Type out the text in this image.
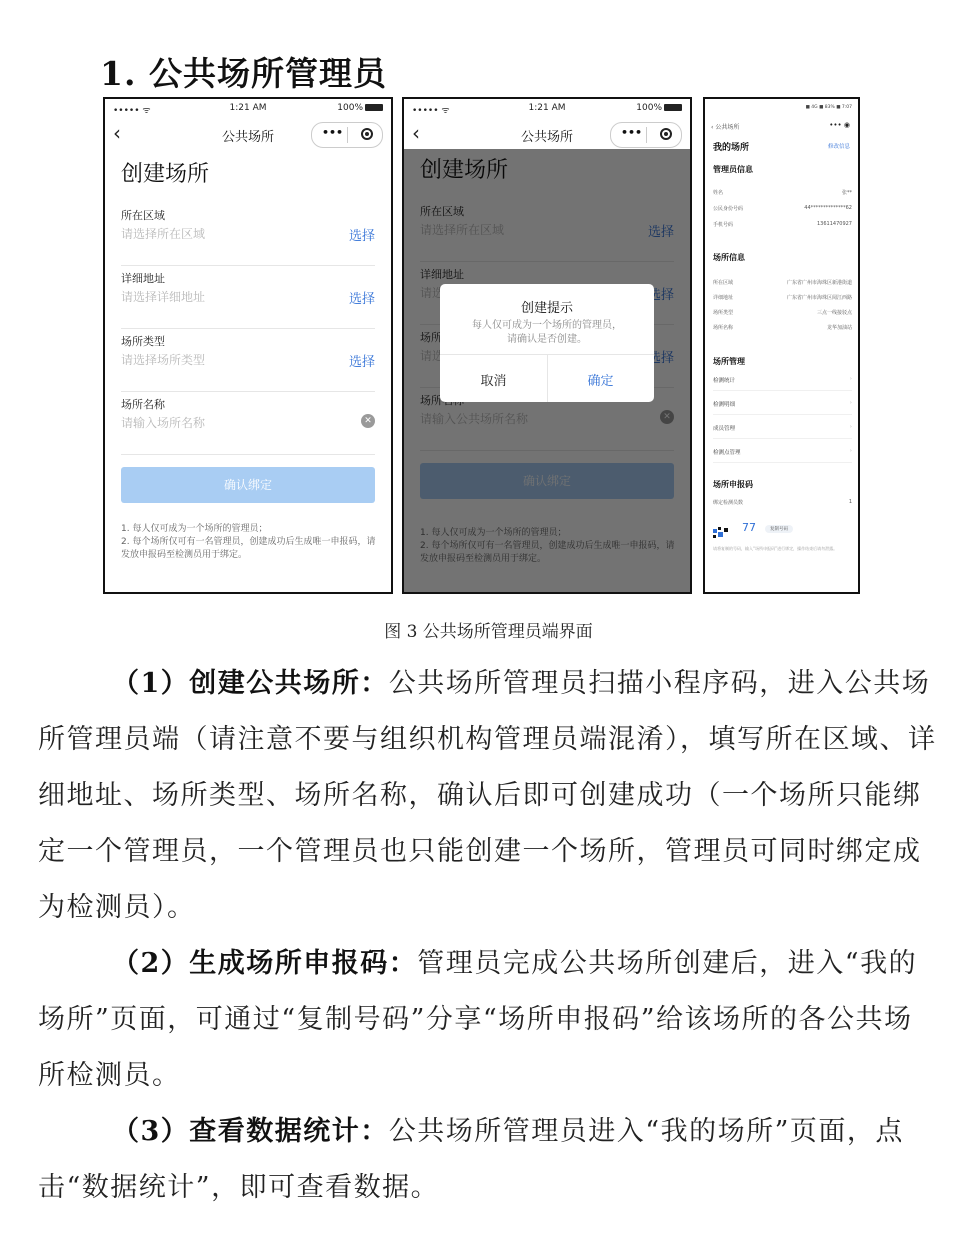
1. 公共场所管理员
••••• ᯤ	1:21 AM	100%
‹	公共场所	•••
创建场所
所在区域
请选择所在区域	选择
详细地址
请选择详细地址	选择
场所类型
请选择场所类型	选择
场所名称
请输入场所名称	✕
确认绑定
1. 每人仅可成为一个场所的管理员；
2. 每个场所仅可有一名管理员，创建成功后生成唯一申报码，请发放申报码至检测员用于绑定。
••••• ᯤ	1:21 AM	100%
‹	公共场所	•••
创建提示
每人仅可成为一个场所的管理员，请确认是否创建。
取消	确定
■ 4G ■ 83% ■ 7:07
‹ 公共场所	••• ◉
我的场所	修改信息
管理员信息
姓名	张**
公民身份号码	44**************62
手机号码	13611470927
场所信息
所在区域	广东省广州市海珠区新港街道
详细地址	广东省广州市海珠区阅江西路
场所类型	三点一线接驳点
场所名称	龙华加油站
场所管理
检测统计	›
检测明细	›
成员管理	›
检测点管理	›
场所申报码
绑定检测员数	1
77	复制号码
请将复制的号码，输入“场所申报码”进行绑定，操作结束后请勿泄露。
图 3 公共场所管理员端界面
（1）创建公共场所：公共场所管理员扫描小程序码，进入公共场所管理员端（请注意不要与组织机构管理员端混淆），填写所在区域、详细地址、场所类型、场所名称，确认后即可创建成功（一个场所只能绑定一个管理员，一个管理员也只能创建一个场所，管理员可同时绑定成为检测员）。
（2）生成场所申报码：管理员完成公共场所创建后，进入“我的场所”页面，可通过“复制号码”分享“场所申报码”给该场所的各公共场所检测员。
（3）查看数据统计：公共场所管理员进入“我的场所”页面，点击“数据统计”，即可查看数据。
